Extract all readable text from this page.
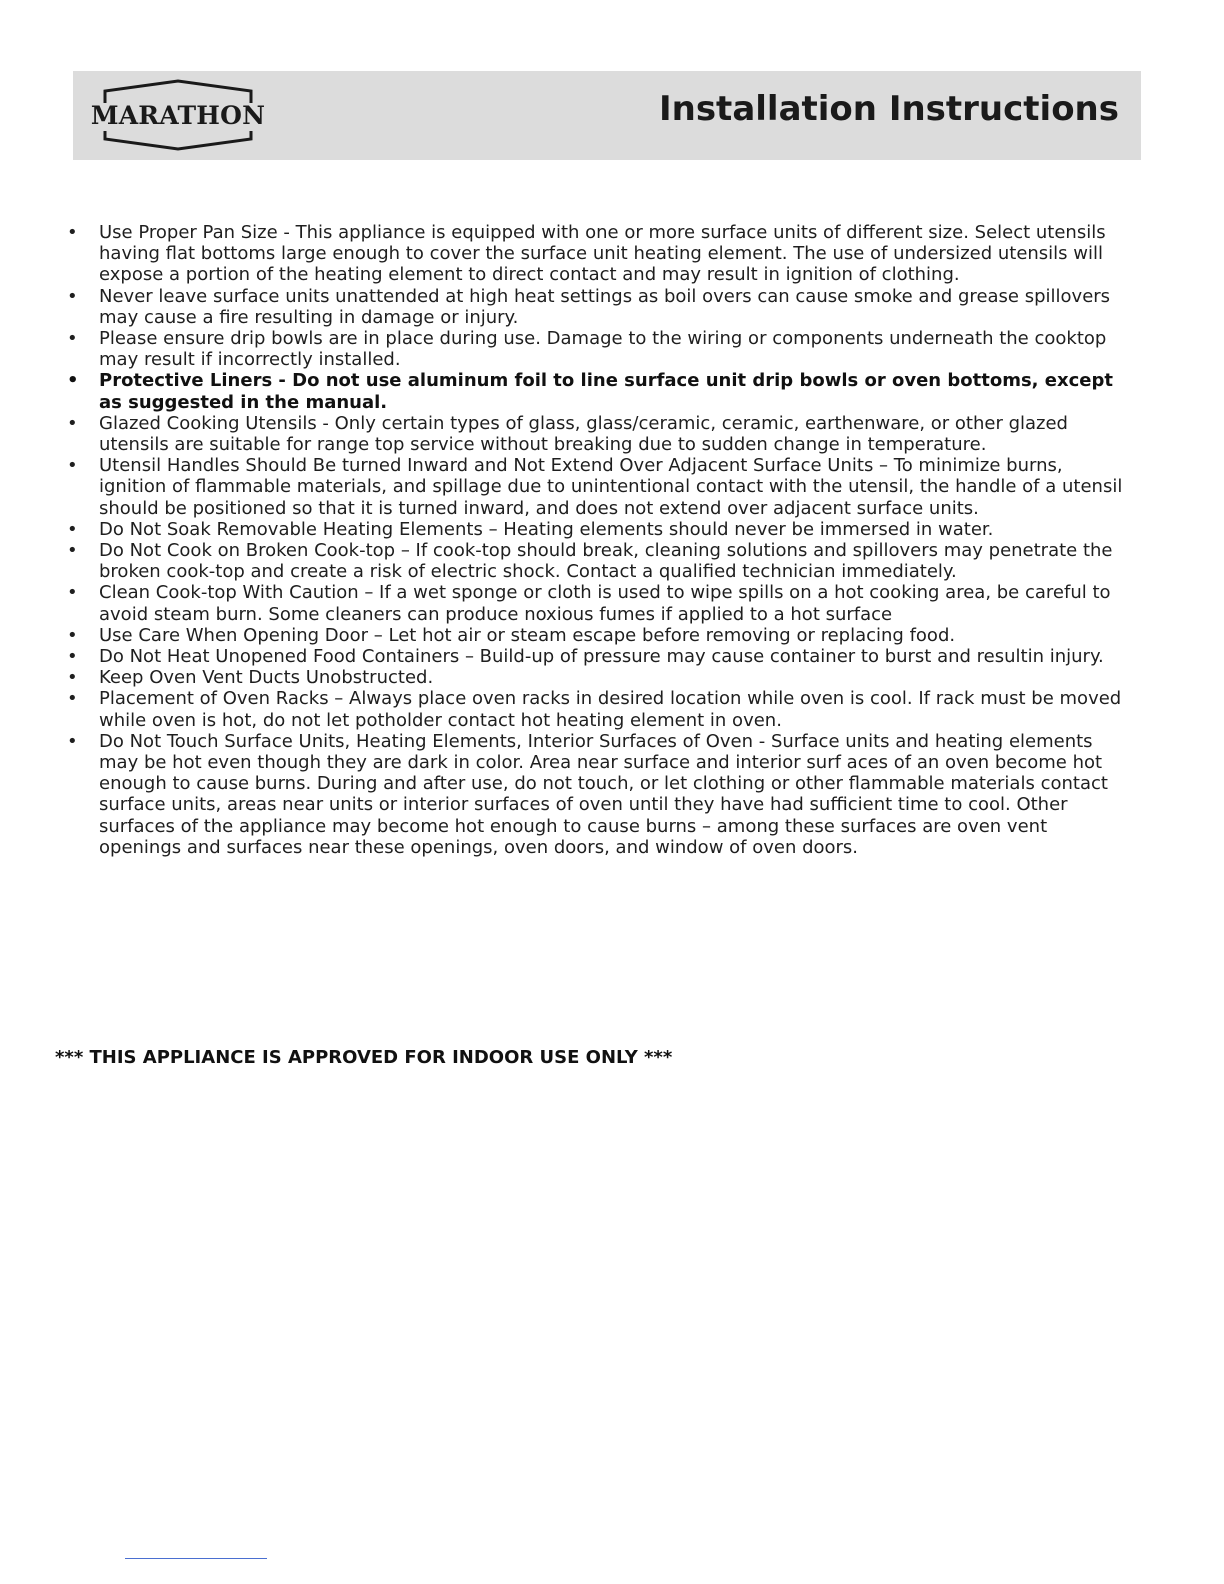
MARATHON	Installation Instructions
• Use Proper Pan Size - This appliance is equipped with one or more surface units of different size. Select utensils having flat bottoms large enough to cover the surface unit heating element. The use of undersized utensils will expose a portion of the heating element to direct contact and may result in ignition of clothing.
• Never leave surface units unattended at high heat settings as boil overs can cause smoke and grease spillovers may cause a fire resulting in damage or injury.
• Please ensure drip bowls are in place during use. Damage to the wiring or components underneath the cooktop may result if incorrectly installed.
• Protective Liners - Do not use aluminum foil to line surface unit drip bowls or oven bottoms, except as suggested in the manual.
• Glazed Cooking Utensils - Only certain types of glass, glass/ceramic, ceramic, earthenware, or other glazed utensils are suitable for range top service without breaking due to sudden change in temperature.
• Utensil Handles Should Be turned Inward and Not Extend Over Adjacent Surface Units – To minimize burns, ignition of flammable materials, and spillage due to unintentional contact with the utensil, the handle of a utensil should be positioned so that it is turned inward, and does not extend over adjacent surface units.
• Do Not Soak Removable Heating Elements – Heating elements should never be immersed in water.
• Do Not Cook on Broken Cook-top – If cook-top should break, cleaning solutions and spillovers may penetrate the broken cook-top and create a risk of electric shock. Contact a qualified technician immediately.
• Clean Cook-top With Caution – If a wet sponge or cloth is used to wipe spills on a hot cooking area, be careful to avoid steam burn. Some cleaners can produce noxious fumes if applied to a hot surface
• Use Care When Opening Door – Let hot air or steam escape before removing or replacing food.
• Do Not Heat Unopened Food Containers – Build-up of pressure may cause container to burst and resultin injury.
• Keep Oven Vent Ducts Unobstructed.
• Placement of Oven Racks – Always place oven racks in desired location while oven is cool. If rack must be moved while oven is hot, do not let potholder contact hot heating element in oven.
• Do Not Touch Surface Units, Heating Elements, Interior Surfaces of Oven - Surface units and heating elements may be hot even though they are dark in color. Area near surface and interior surf aces of an oven become hot enough to cause burns. During and after use, do not touch, or let clothing or other flammable materials contact surface units, areas near units or interior surfaces of oven until they have had sufficient time to cool. Other surfaces of the appliance may become hot enough to cause burns – among these surfaces are oven vent openings and surfaces near these openings, oven doors, and window of oven doors.
*** THIS APPLIANCE IS APPROVED FOR INDOOR USE ONLY ***
